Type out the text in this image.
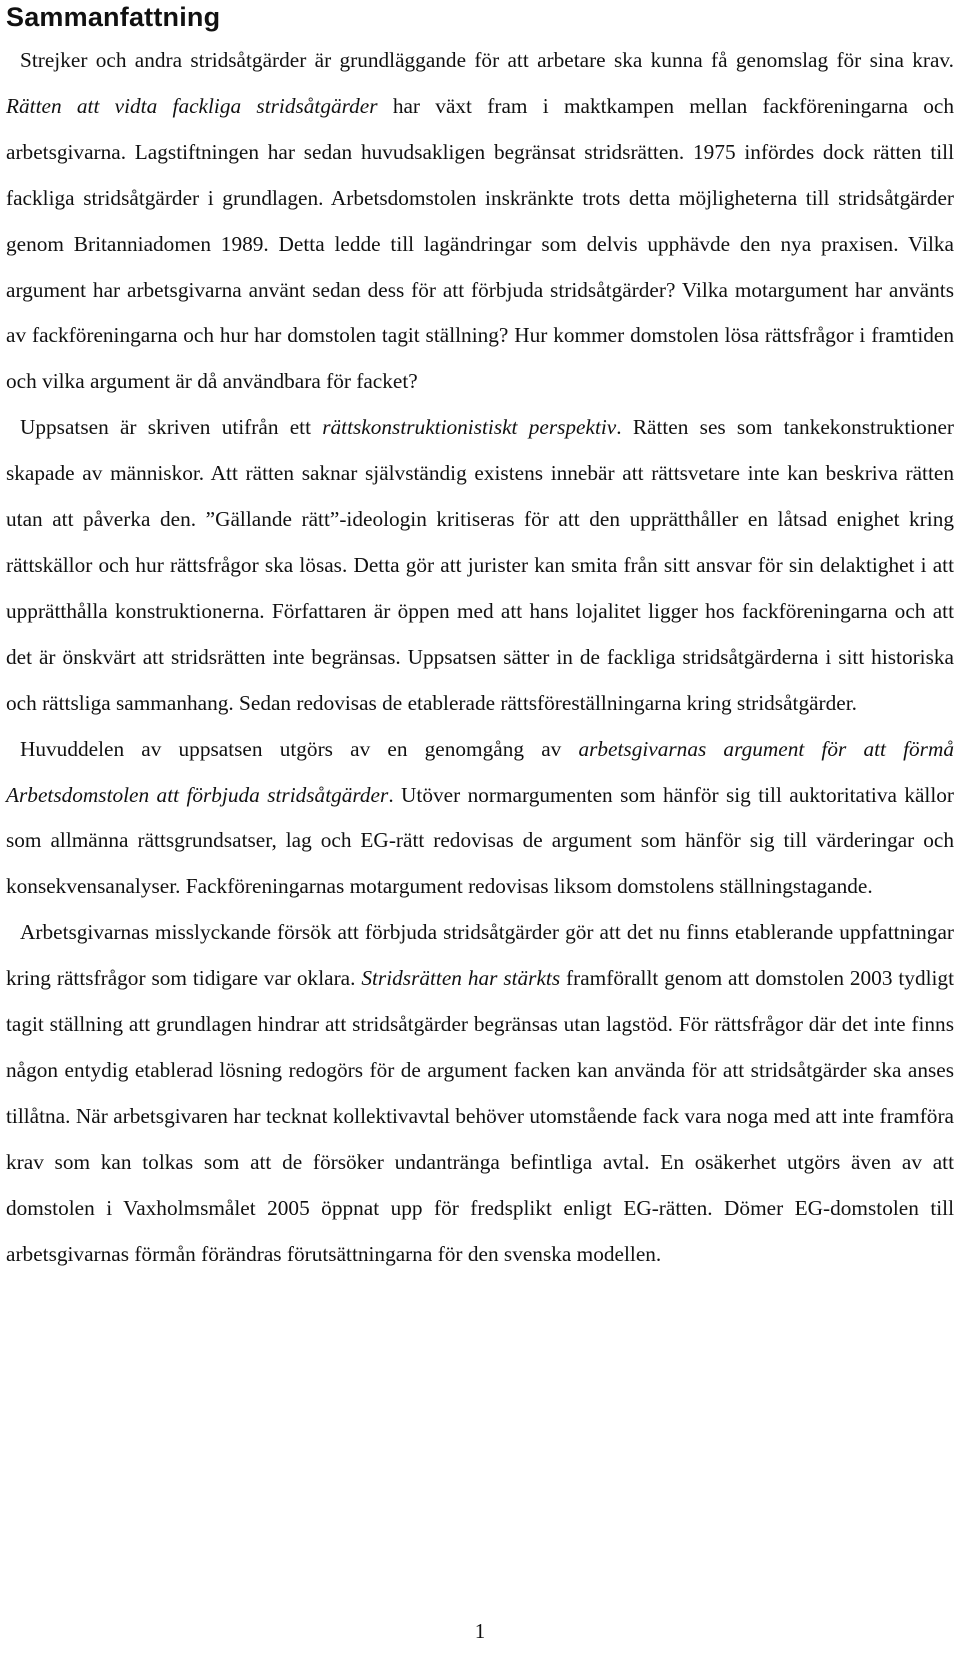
Sammanfattning

Strejker och andra stridsåtgärder är grundläggande för att arbetare ska kunna få genomslag för sina krav. Rätten att vidta fackliga stridsåtgärder har växt fram i maktkampen mellan fackföreningarna och arbetsgivarna. Lagstiftningen har sedan huvudsakligen begränsat stridsrätten. 1975 infördes dock rätten till fackliga stridsåtgärder i grundlagen. Arbetsdomstolen inskränkte trots detta möjligheterna till stridsåtgärder genom Britanniadomen 1989. Detta ledde till lagändringar som delvis upphävde den nya praxisen. Vilka argument har arbetsgivarna använt sedan dess för att förbjuda stridsåtgärder? Vilka motargument har använts av fackföreningarna och hur har domstolen tagit ställning? Hur kommer domstolen lösa rättsfrågor i framtiden och vilka argument är då användbara för facket?

Uppsatsen är skriven utifrån ett rättskonstruktionistiskt perspektiv. Rätten ses som tankekonstruktioner skapade av människor. Att rätten saknar självständig existens innebär att rättsvetare inte kan beskriva rätten utan att påverka den. ”Gällande rätt”-ideologin kritiseras för att den upprätthåller en låtsad enighet kring rättskällor och hur rättsfrågor ska lösas. Detta gör att jurister kan smita från sitt ansvar för sin delaktighet i att upprätthålla konstruktionerna. Författaren är öppen med att hans lojalitet ligger hos fackföreningarna och att det är önskvärt att stridsrätten inte begränsas. Uppsatsen sätter in de fackliga stridsåtgärderna i sitt historiska och rättsliga sammanhang. Sedan redovisas de etablerade rättsföreställningarna kring stridsåtgärder.

Huvuddelen av uppsatsen utgörs av en genomgång av arbetsgivarnas argument för att förmå Arbetsdomstolen att förbjuda stridsåtgärder. Utöver normargumenten som hänför sig till auktoritativa källor som allmänna rättsgrundsatser, lag och EG-rätt redovisas de argument som hänför sig till värderingar och konsekvensanalyser. Fackföreningarnas motargument redovisas liksom domstolens ställningstagande.

Arbetsgivarnas misslyckande försök att förbjuda stridsåtgärder gör att det nu finns etablerande uppfattningar kring rättsfrågor som tidigare var oklara. Stridsrätten har stärkts framförallt genom att domstolen 2003 tydligt tagit ställning att grundlagen hindrar att stridsåtgärder begränsas utan lagstöd. För rättsfrågor där det inte finns någon entydig etablerad lösning redogörs för de argument facken kan använda för att stridsåtgärder ska anses tillåtna. När arbetsgivaren har tecknat kollektivavtal behöver utomstående fack vara noga med att inte framföra krav som kan tolkas som att de försöker undantränga befintliga avtal. En osäkerhet utgörs även av att domstolen i Vaxholmsmålet 2005 öppnat upp för fredsplikt enligt EG-rätten. Dömer EG-domstolen till arbetsgivarnas förmån förändras förutsättningarna för den svenska modellen.

1
